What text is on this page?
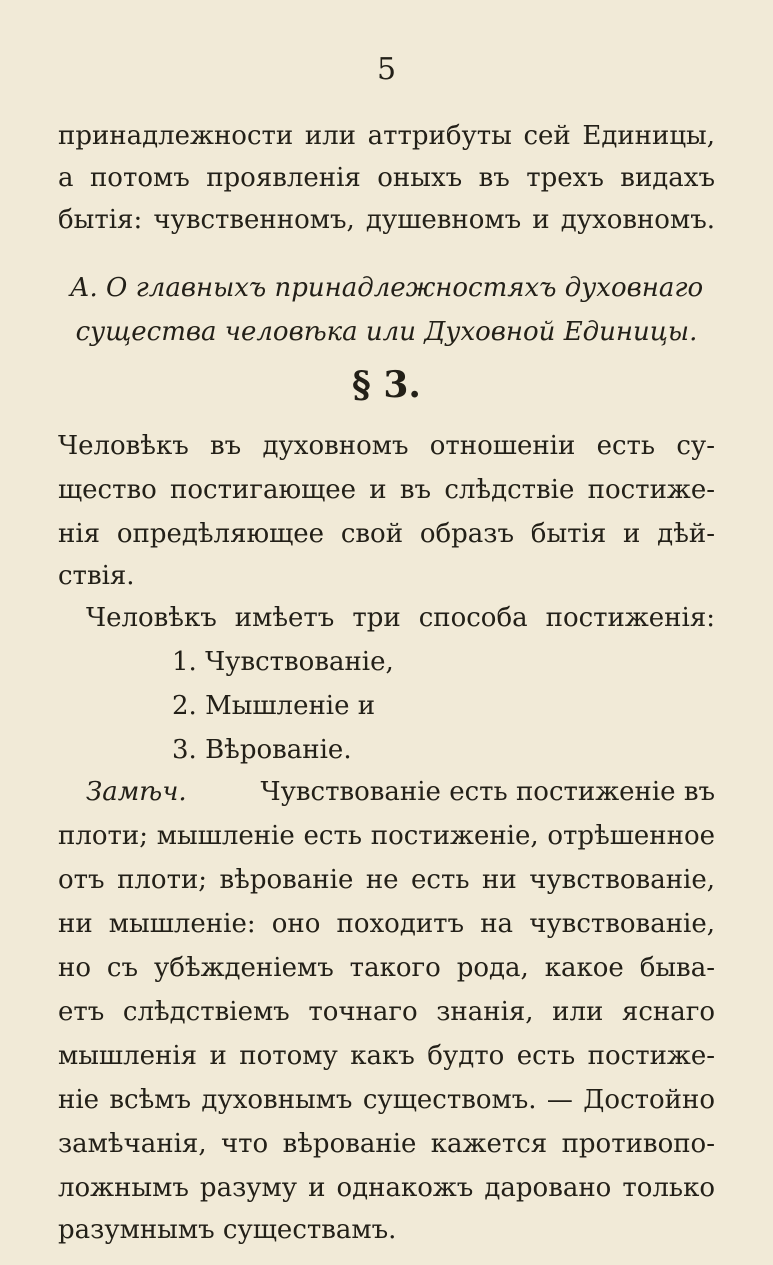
5
принадлежности или аттрибуты сей Единицы,
а потомъ проявленія оныхъ въ трехъ видахъ
бытія: чувственномъ, душевномъ и духовномъ.
А. О главныхъ принадлежностяхъ духовнаго
существа человѣка или Духовной Единицы.
§ 3.
Человѣкъ въ духовномъ отношеніи есть су-
щество постигающее и въ слѣдствіе постиже-
нія опредѣляющее свой образъ бытія и дѣй-
ствія.
Человѣкъ имѣетъ три способа постиженія:
1. Чувствованіе,
2. Мышленіе и
3. Вѣрованіе.
Замѣч.	Чувствованіе есть постиженіе въ
плоти; мышленіе есть постиженіе, отрѣшенное
отъ плоти; вѣрованіе не есть ни чувствованіе,
ни мышленіе: оно походитъ на чувствованіе,
но съ убѣжденіемъ такого рода, какое быва-
етъ слѣдствіемъ точнаго знанія, или яснаго
мышленія и потому какъ будто есть постиже-
ніе всѣмъ духовнымъ существомъ. — Достойно
замѣчанія, что вѣрованіе кажется противопо-
ложнымъ разуму и однакожъ даровано только
разумнымъ существамъ.
